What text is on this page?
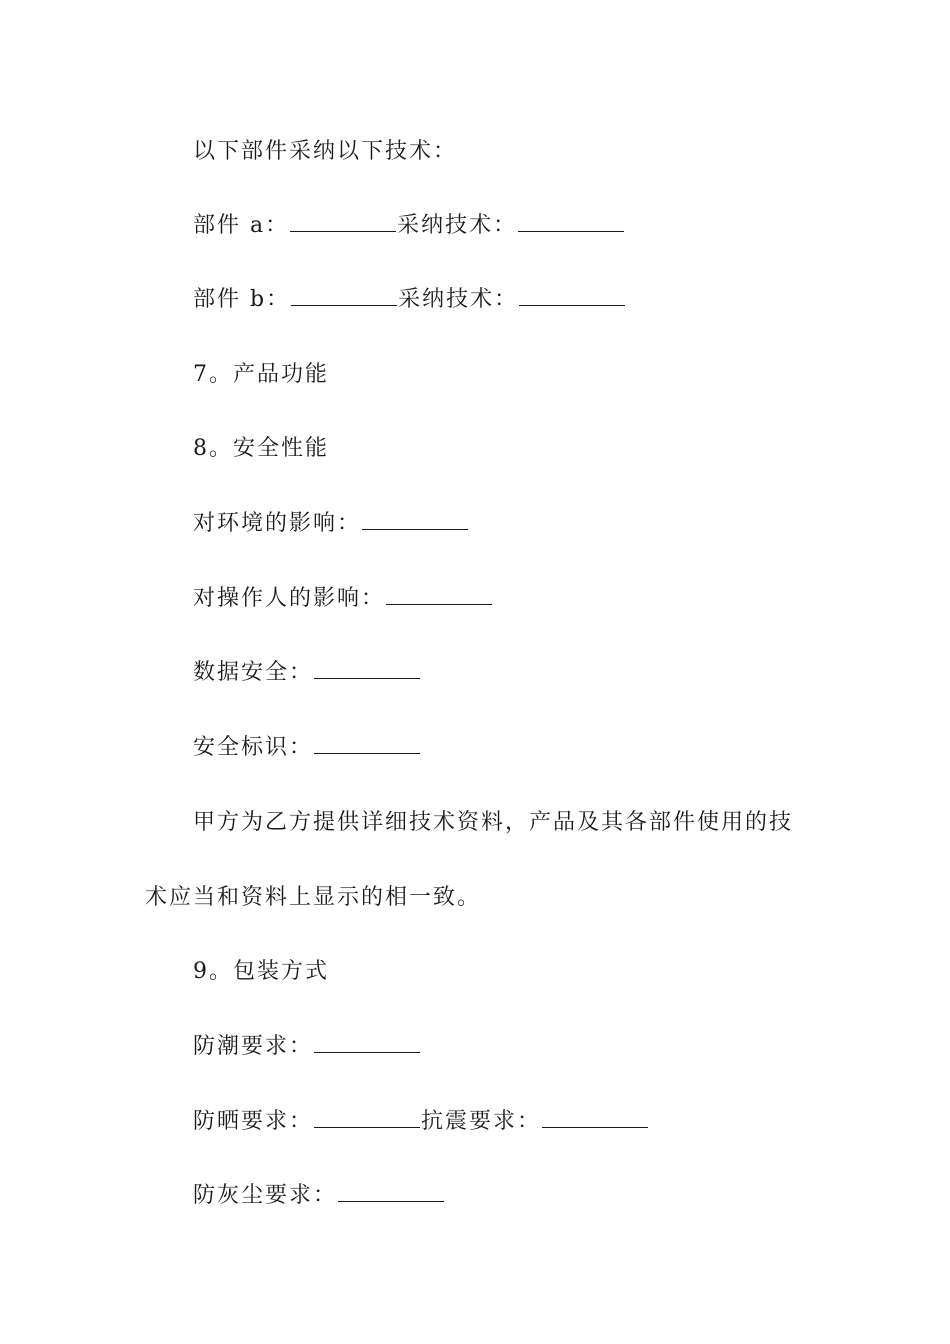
以下部件采纳以下技术：
部件 a：	采纳技术：
部件 b：	采纳技术：
7。产品功能
8。安全性能
对环境的影响：
对操作人的影响：
数据安全：
安全标识：
甲方为乙方提供详细技术资料，产品及其各部件使用的技
术应当和资料上显示的相一致。
9。包装方式
防潮要求：
防晒要求：	抗震要求：
防灰尘要求：
